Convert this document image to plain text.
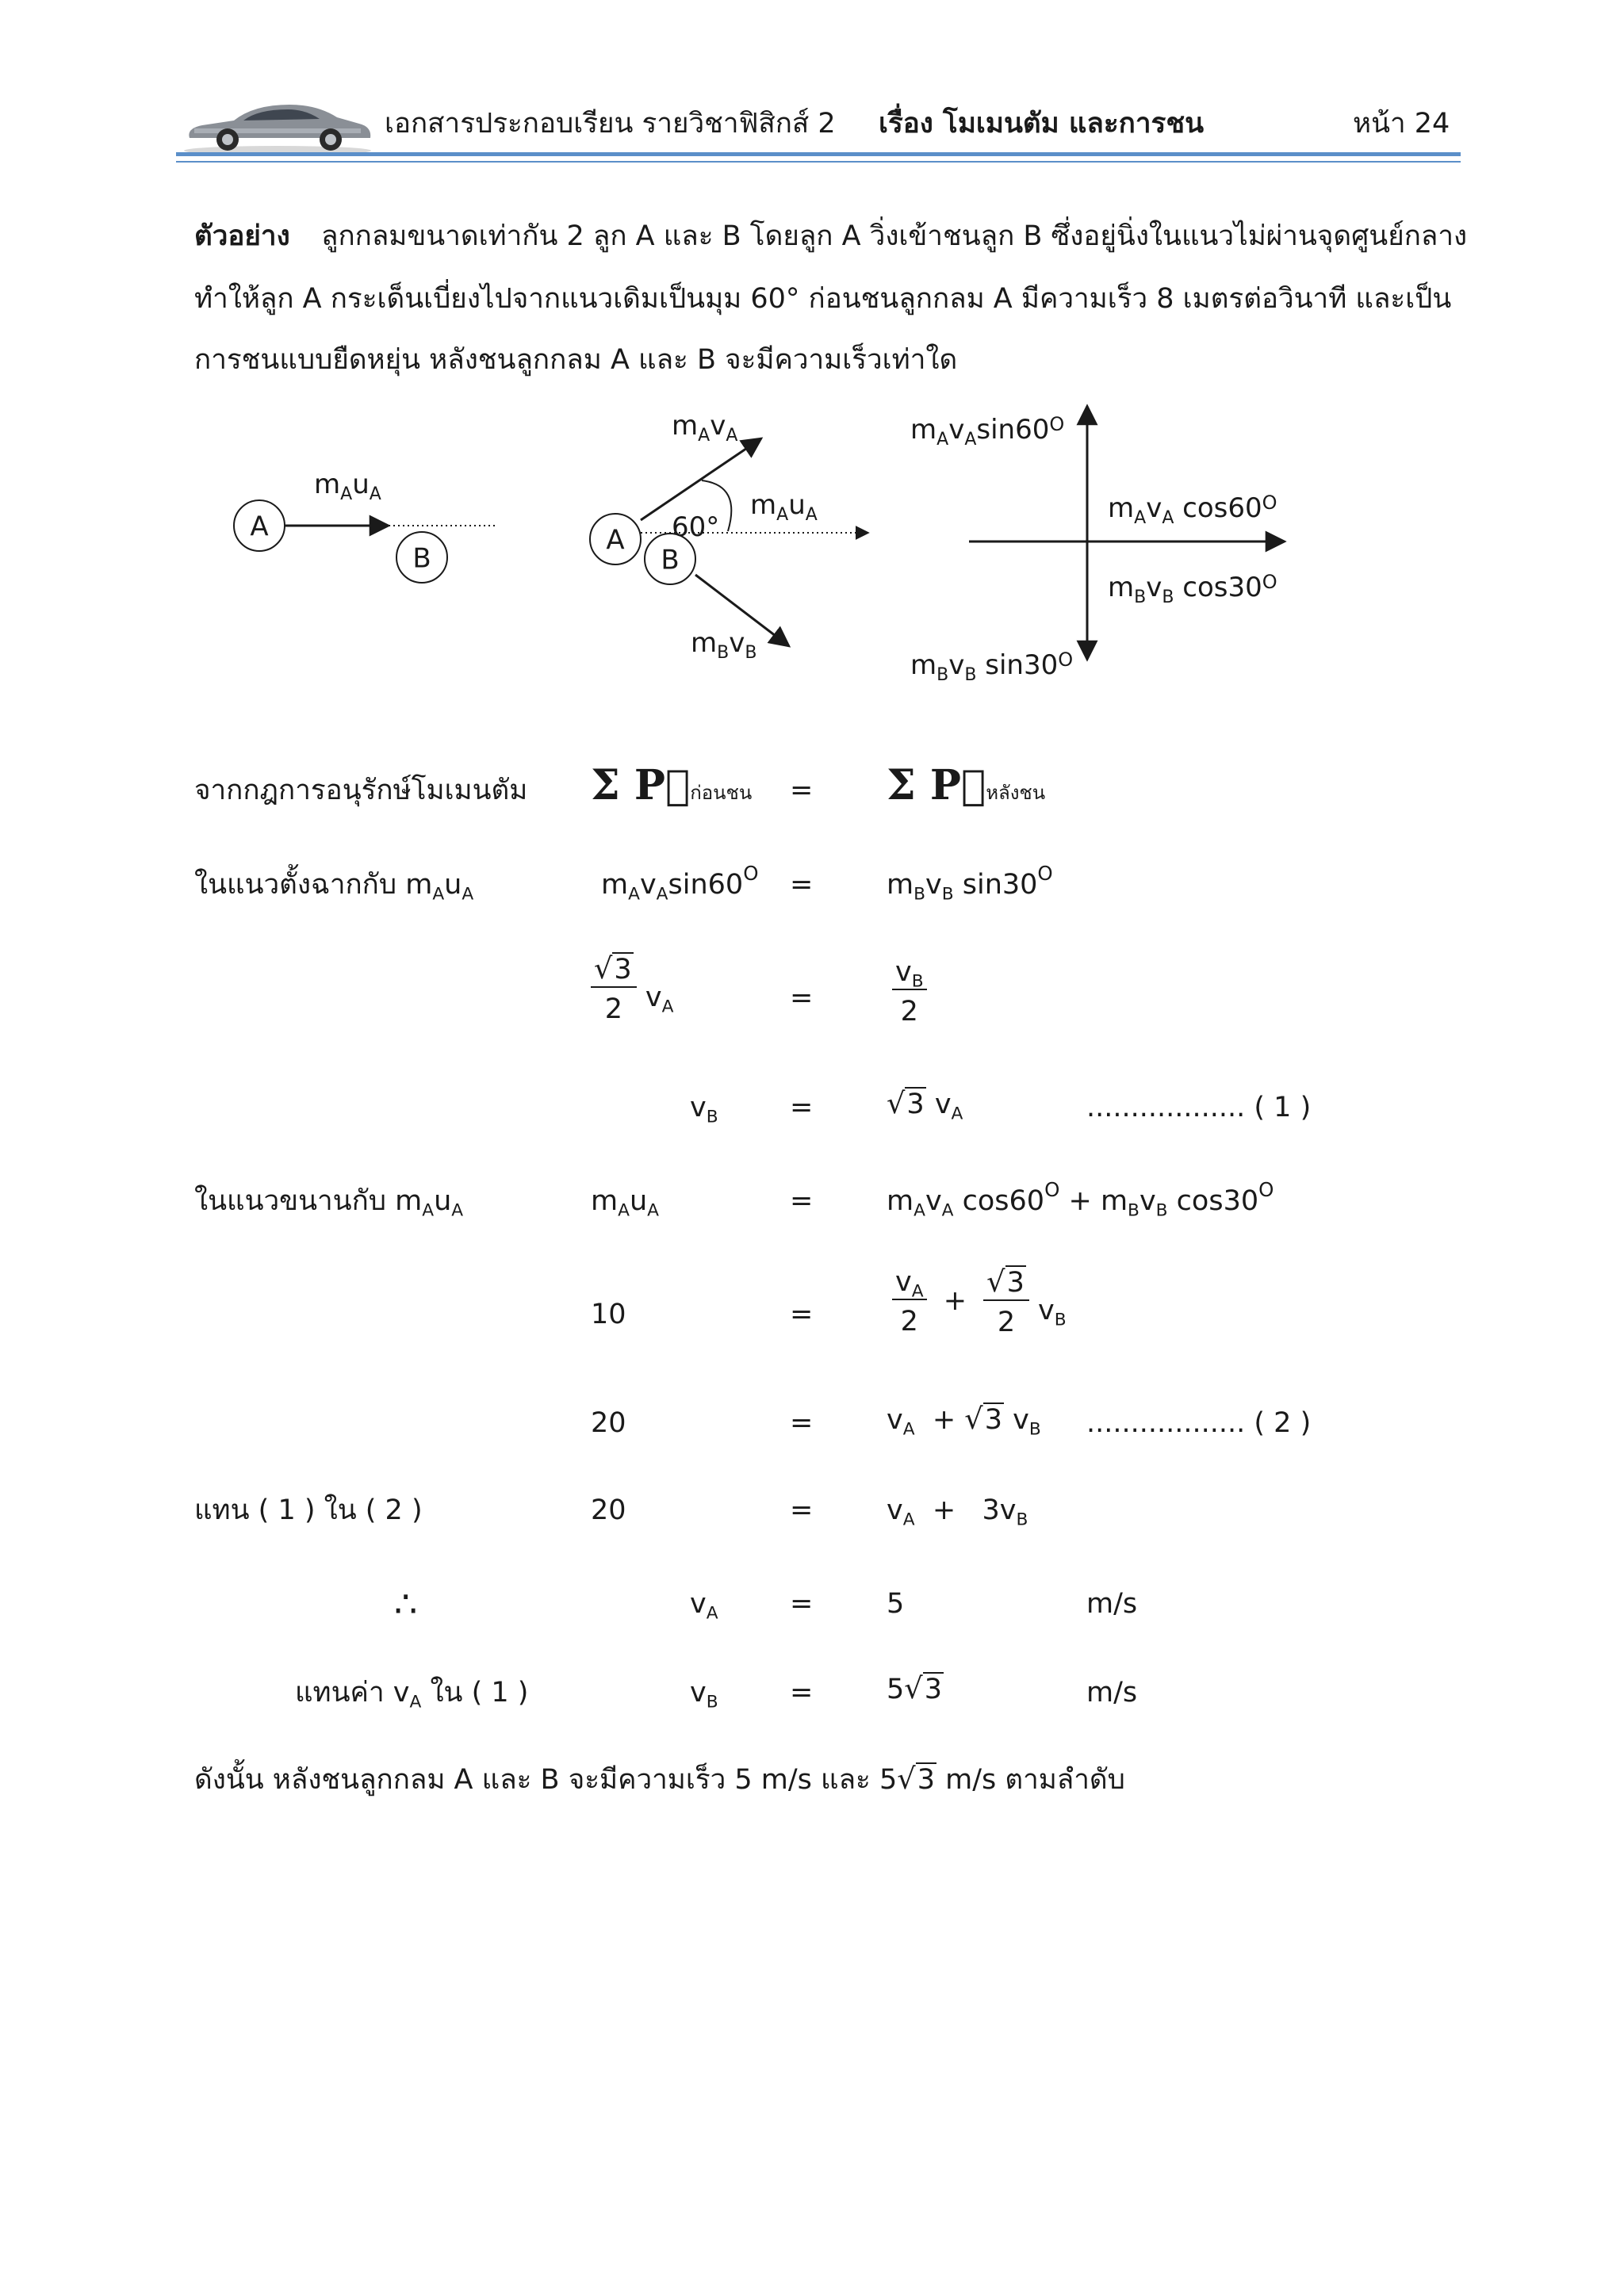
เอกสารประกอบเรียน รายวิชาฟิสิกส์ 2 เรื่อง โมเมนตัม และการชน	หน้า 24
ตัวอย่าง ลูกกลมขนาดเท่ากัน 2 ลูก A และ B โดยลูก A วิ่งเข้าชนลูก B ซึ่งอยู่นิ่งในแนวไม่ผ่านจุดศูนย์กลาง
ทำให้ลูก A กระเด็นเบี่ยงไปจากแนวเดิมเป็นมุม 60° ก่อนชนลูกกลม A มีความเร็ว 8 เมตรต่อวินาที และเป็น
การชนแบบยืดหยุ่น หลังชนลูกกลม A และ B จะมีความเร็วเท่าใด
A
B
$m_Au_A$
A
B
60°
$m_Av_A$
$m_Au_A$
$m_Bv_B$
$m_Av_A\sin 60^O$
$m_Av_A$ $\cos 60^O$
$m_Bv_B$ $\cos 30^O$
$m_Bv_B$ $\sin 30^O$
จากกฎการอนุรักษ์โมเมนตัม Σ P⃗ก่อนชน = Σ P⃗หลังชน
ในแนวตั้งฉากกับ $m_Au_A$	$m_Av_A\sin 60^O$ =	$m_Bv_B$ $\sin 30^O$
$\frac{√3}{2} v_A$	=	$\frac{v_B}{2}$
$v_B$	=	√3 $v_A$	.................. ( 1 )
ในแนวขนานกับ $m_Au_A$	$m_Au_A$	=	$m_Av_A$ $\cos 60^O + m_Bv_B$ $\cos 30^O$
10	=	$\frac{v_A}{2} + \frac{√3}{2} v_B$
20	=	$v_A + √3$ $v_B$ .................. ( 2 )
แทน ( 1 ) ใน ( 2 )	20	=	$v_A + 3v_B$
∴	$v_A$	=	5	m/s
แทนค่า $v_A$ ใน ( 1 )	$v_B$	=	5√3	m/s
ดังนั้น หลังชนลูกกลม A และ B จะมีความเร็ว 5 m/s และ 5√3 m/s ตามลำดับ
